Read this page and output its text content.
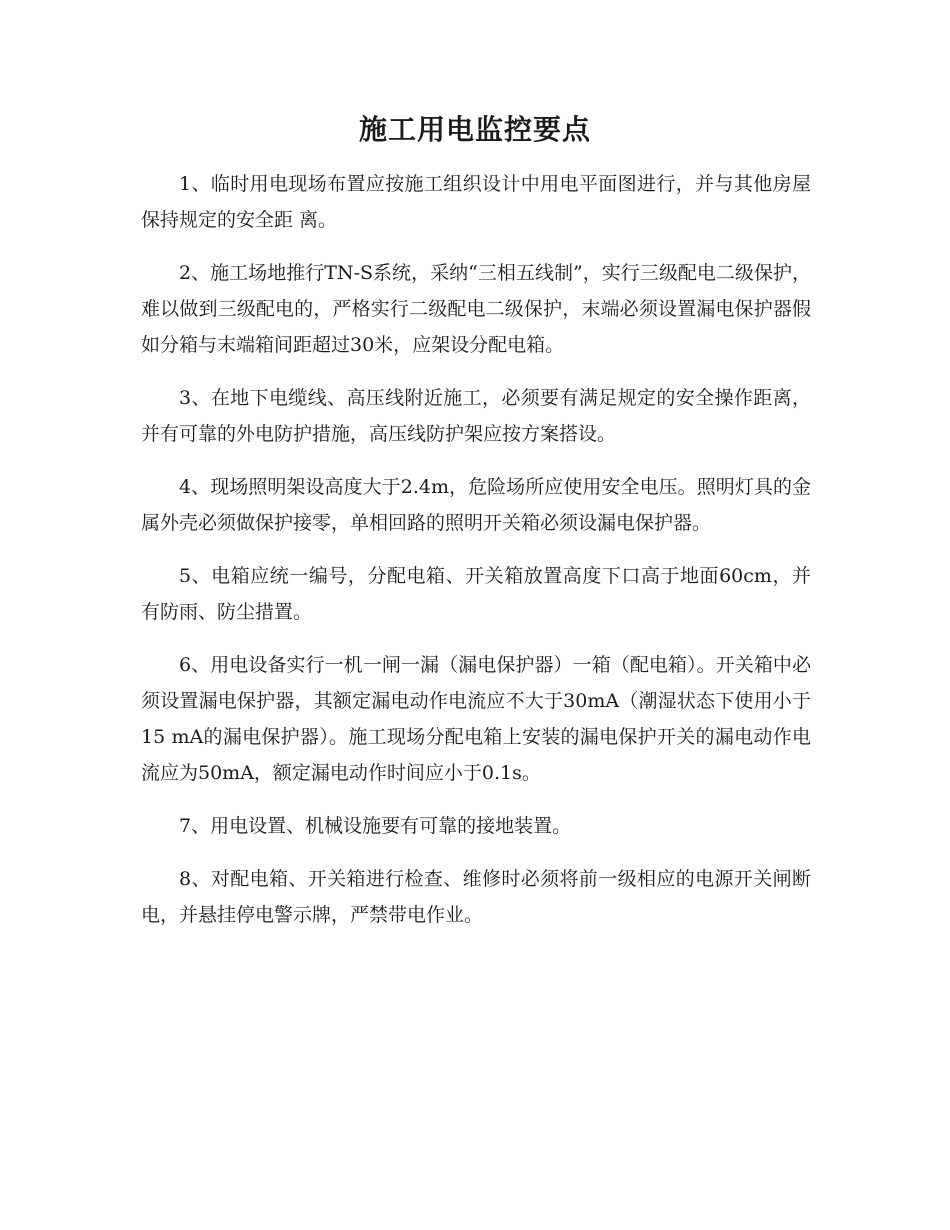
施工用电监控要点

1、临时用电现场布置应按施工组织设计中用电平面图进行，并与其他房屋保持规定的安全距 离。

2、施工场地推行TN-S系统，采纳“三相五线制”，实行三级配电二级保护，难以做到三级配电的，严格实行二级配电二级保护，末端必须设置漏电保护器假如分箱与末端箱间距超过30米，应架设分配电箱。

3、在地下电缆线、高压线附近施工，必须要有满足规定的安全操作距离，并有可靠的外电防护措施，高压线防护架应按方案搭设。

4、现场照明架设高度大于2.4m，危险场所应使用安全电压。照明灯具的金属外壳必须做保护接零，单相回路的照明开关箱必须设漏电保护器。

5、电箱应统一编号，分配电箱、开关箱放置高度下口高于地面60cm，并有防雨、防尘措置。

6、用电设备实行一机一闸一漏（漏电保护器）一箱（配电箱）。开关箱中必须设置漏电保护器，其额定漏电动作电流应不大于30mA（潮湿状态下使用小于15 mA的漏电保护器）。施工现场分配电箱上安装的漏电保护开关的漏电动作电流应为50mA，额定漏电动作时间应小于0.1s。

7、用电设置、机械设施要有可靠的接地装置。

8、对配电箱、开关箱进行检查、维修时必须将前一级相应的电源开关闸断电，并悬挂停电警示牌，严禁带电作业。
